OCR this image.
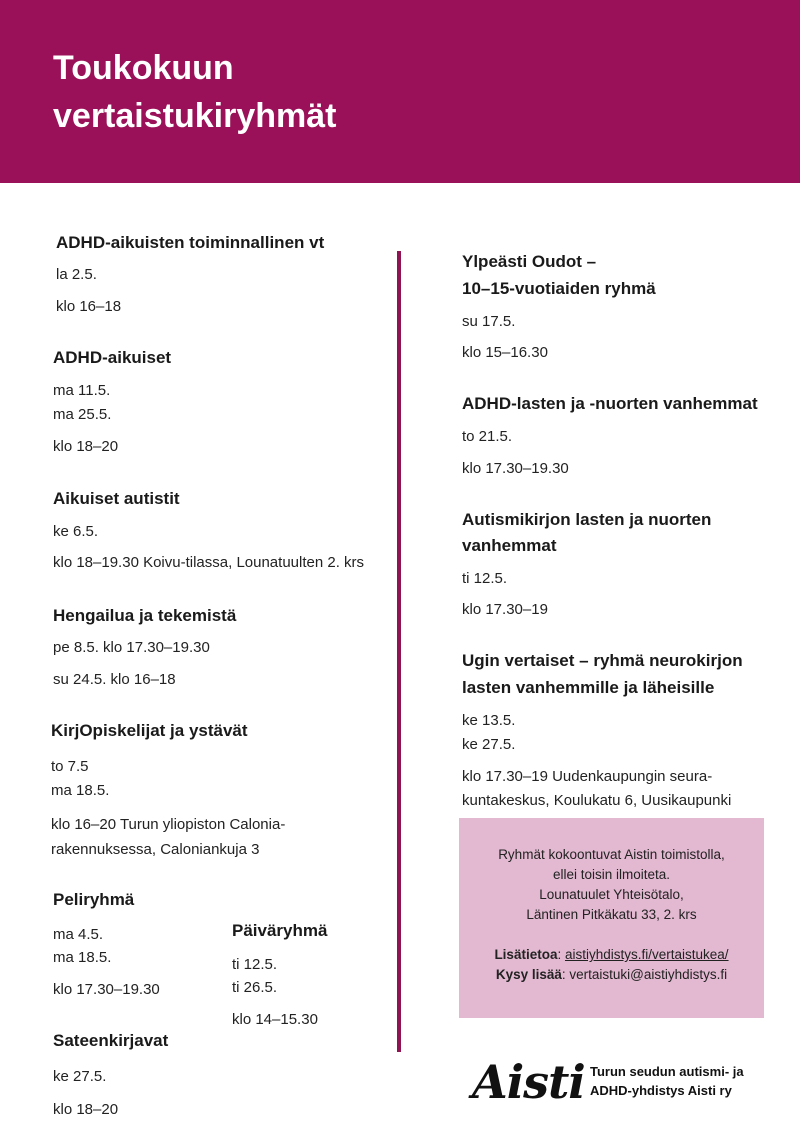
Toukokuun
vertaistukiryhmät
ADHD-aikuisten toiminnallinen vt
la 2.5.
klo 16–18
ADHD-aikuiset
ma 11.5.
ma 25.5.
klo 18–20
Aikuiset autistit
ke 6.5.
klo 18–19.30 Koivu-tilassa, Lounatuulten 2. krs
Hengailua ja tekemistä
pe 8.5. klo 17.30–19.30
su 24.5. klo 16–18
KirjOpiskelijat ja ystävät
to 7.5
ma 18.5.
klo 16–20 Turun yliopiston Calonia-
rakennuksessa, Caloniankuja 3
Peliryhmä
ma 4.5.
ma 18.5.
klo 17.30–19.30
Päiväryhmä
ti 12.5.
ti 26.5.
klo 14–15.30
Sateenkirjavat
ke 27.5.
klo 18–20
Ylpeästi Oudot –
10–15-vuotiaiden ryhmä
su 17.5.
klo 15–16.30
ADHD-lasten ja -nuorten vanhemmat
to 21.5.
klo 17.30–19.30
Autismikirjon lasten ja nuorten
vanhemmat
ti 12.5.
klo 17.30–19
Ugin vertaiset – ryhmä neurokirjon
lasten vanhemmille ja läheisille
ke 13.5.
ke 27.5.
klo 17.30–19 Uudenkaupungin seura-
kuntakeskus, Koulukatu 6, Uusikaupunki
Ryhmät kokoontuvat Aistin toimistolla,
ellei toisin ilmoiteta.
Lounatuulet Yhteisötalo,
Läntinen Pitkäkatu 33, 2. krs
Lisätietoa: aistiyhdistys.fi/vertaistukea/
Kysy lisää: vertaistuki@aistiyhdistys.fi
Aisti Turun seudun autismi- ja
ADHD-yhdistys Aisti ry
